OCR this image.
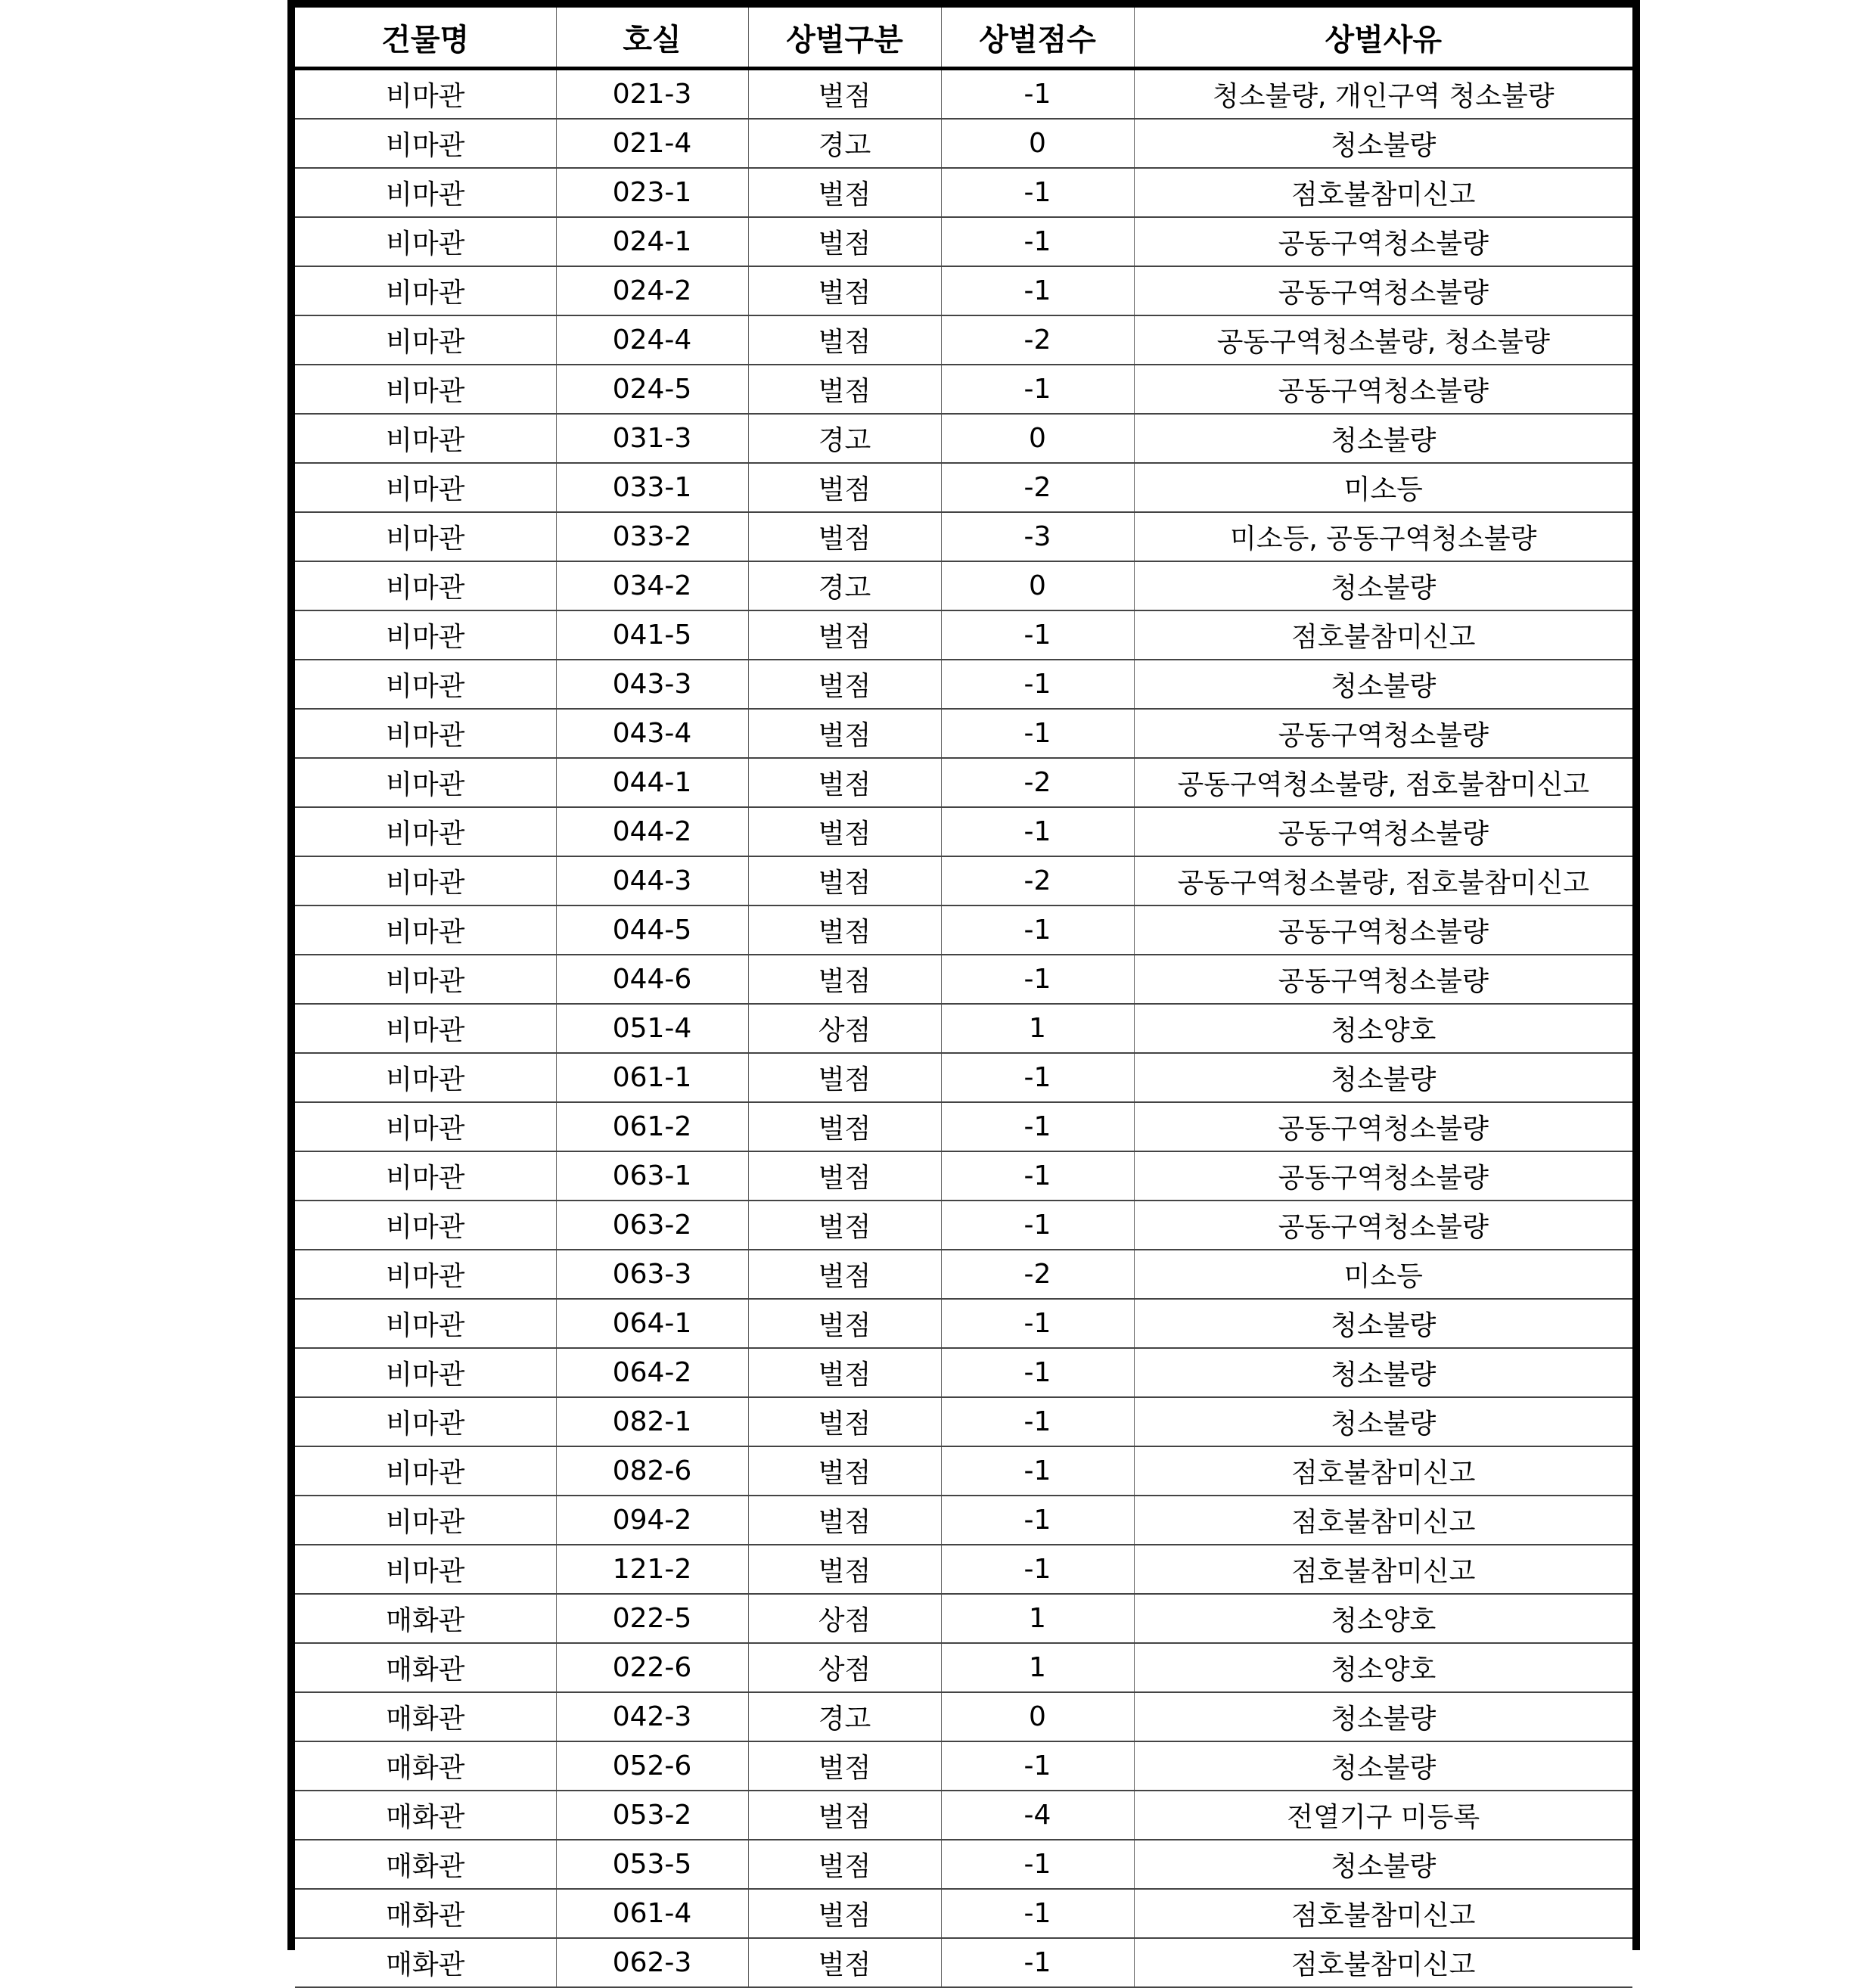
건물명	호실	상벌구분	상벌점수	상벌사유
비마관	021-3	벌점	-1	청소불량, 개인구역 청소불량
비마관	021-4	경고	0	청소불량
비마관	023-1	벌점	-1	점호불참미신고
비마관	024-1	벌점	-1	공동구역청소불량
비마관	024-2	벌점	-1	공동구역청소불량
비마관	024-4	벌점	-2	공동구역청소불량, 청소불량
비마관	024-5	벌점	-1	공동구역청소불량
비마관	031-3	경고	0	청소불량
비마관	033-1	벌점	-2	미소등
비마관	033-2	벌점	-3	미소등, 공동구역청소불량
비마관	034-2	경고	0	청소불량
비마관	041-5	벌점	-1	점호불참미신고
비마관	043-3	벌점	-1	청소불량
비마관	043-4	벌점	-1	공동구역청소불량
비마관	044-1	벌점	-2	공동구역청소불량, 점호불참미신고
비마관	044-2	벌점	-1	공동구역청소불량
비마관	044-3	벌점	-2	공동구역청소불량, 점호불참미신고
비마관	044-5	벌점	-1	공동구역청소불량
비마관	044-6	벌점	-1	공동구역청소불량
비마관	051-4	상점	1	청소양호
비마관	061-1	벌점	-1	청소불량
비마관	061-2	벌점	-1	공동구역청소불량
비마관	063-1	벌점	-1	공동구역청소불량
비마관	063-2	벌점	-1	공동구역청소불량
비마관	063-3	벌점	-2	미소등
비마관	064-1	벌점	-1	청소불량
비마관	064-2	벌점	-1	청소불량
비마관	082-1	벌점	-1	청소불량
비마관	082-6	벌점	-1	점호불참미신고
비마관	094-2	벌점	-1	점호불참미신고
비마관	121-2	벌점	-1	점호불참미신고
매화관	022-5	상점	1	청소양호
매화관	022-6	상점	1	청소양호
매화관	042-3	경고	0	청소불량
매화관	052-6	벌점	-1	청소불량
매화관	053-2	벌점	-4	전열기구 미등록
매화관	053-5	벌점	-1	청소불량
매화관	061-4	벌점	-1	점호불참미신고
매화관	062-3	벌점	-1	점호불참미신고
